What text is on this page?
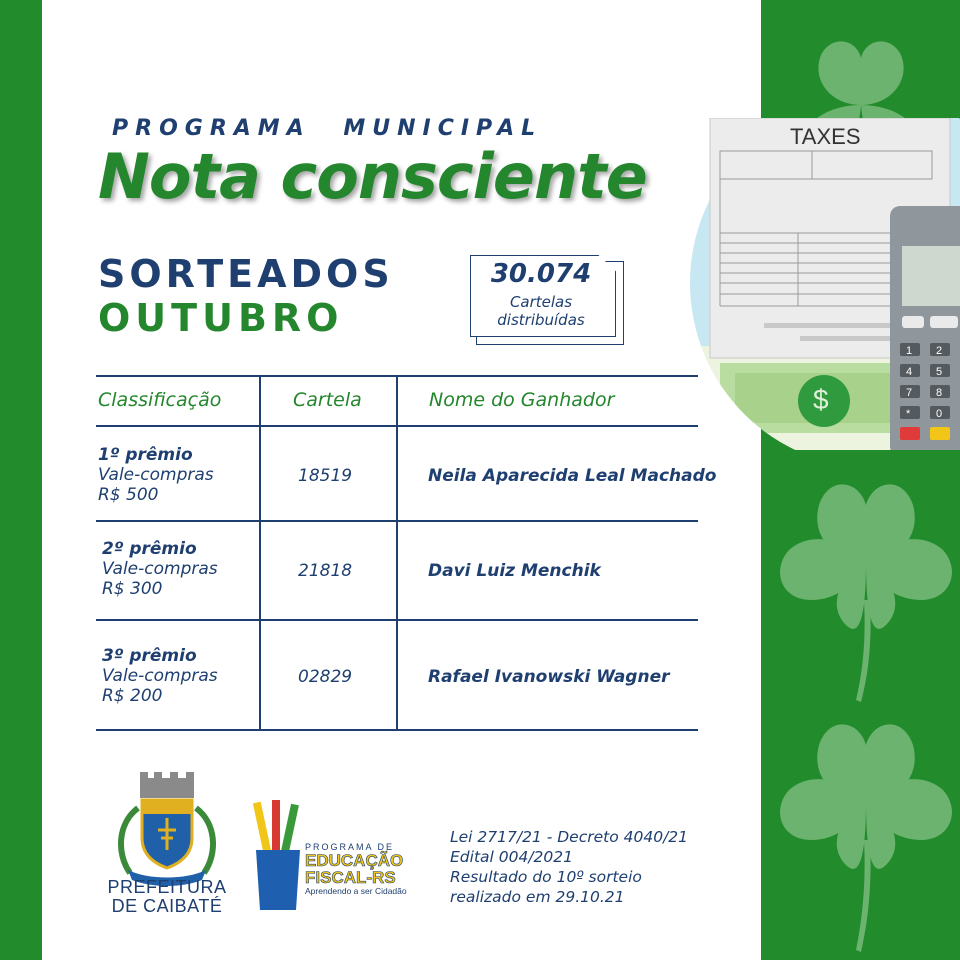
TAXES
$
1 2
4 5
7 8
* 0
PROGRAMA MUNICIPAL
Nota consciente
SORTEADOS
OUTUBRO
30.074
Cartelas
distribuídas
Classificação	Cartela	Nome do Ganhador
1º prêmio
Vale-compras
R$ 500
18519	Neila Aparecida Leal Machado
2º prêmio
Vale-compras
R$ 300
21818	Davi Luiz Menchik
3º prêmio
Vale-compras
R$ 200
02829	Rafael Ivanowski Wagner
PREFEITURA
DE CAIBATÉ
PROGRAMA DE
EDUCAÇÃO
FISCAL-RS
Aprendendo a ser Cidadão
Lei 2717/21 - Decreto 4040/21
Edital 004/2021
Resultado do 10º sorteio
realizado em 29.10.21
